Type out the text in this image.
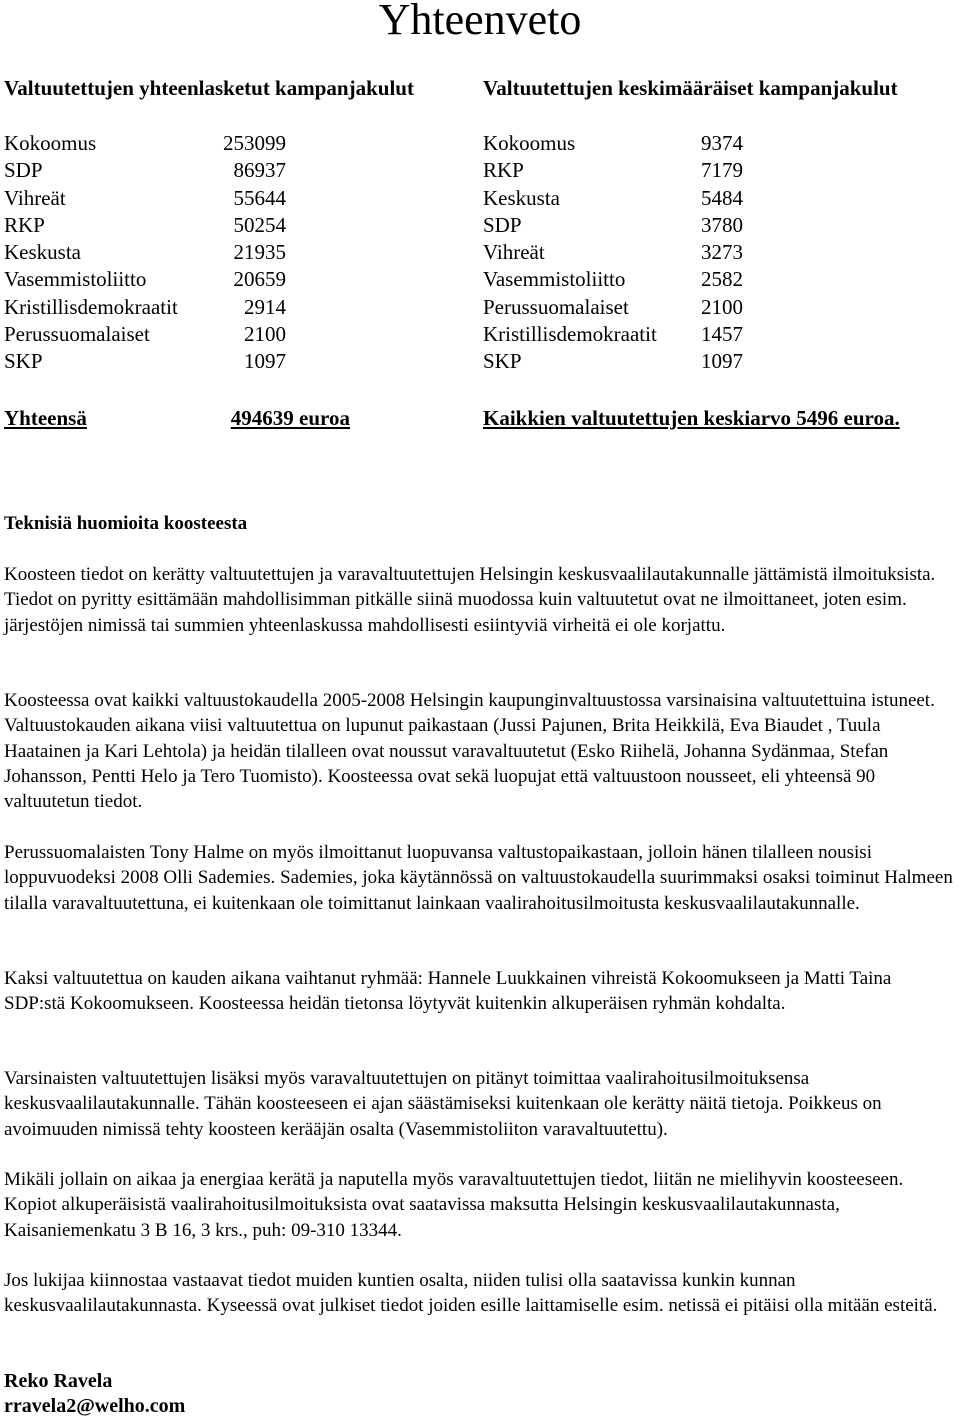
Yhteenveto
Valtuutettujen yhteenlasketut kampanjakulut	Valtuutettujen keskimääräiset kampanjakulut
Kokoomus	253099
SDP	86937
Vihreät	55644
RKP	50254
Keskusta	21935
Vasemmistoliitto	20659
Kristillisdemokraatit	2914
Perussuomalaiset	2100
SKP	1097
Kokoomus	9374
RKP	7179
Keskusta	5484
SDP	3780
Vihreät	3273
Vasemmistoliitto	2582
Perussuomalaiset	2100
Kristillisdemokraatit 1457
SKP	1097
Yhteensä	494639 euroa	Kaikkien valtuutettujen keskiarvo 5496 euroa.
Teknisiä huomioita koosteesta

Koosteen tiedot on kerätty valtuutettujen ja varavaltuutettujen Helsingin keskusvaalilautakunnalle jättämistä ilmoituksista. Tiedot on pyritty esittämään mahdollisimman pitkälle siinä muodossa kuin valtuutetut ovat ne ilmoittaneet, joten esim. järjestöjen nimissä tai summien yhteenlaskussa mahdollisesti esiintyviä virheitä ei ole korjattu.

Koosteessa ovat kaikki valtuustokaudella 2005-2008 Helsingin kaupunginvaltuustossa varsinaisina valtuutettuina istuneet. Valtuustokauden aikana viisi valtuutettua on lupunut paikastaan (Jussi Pajunen, Brita Heikkilä, Eva Biaudet , Tuula Haatainen ja Kari Lehtola) ja heidän tilalleen ovat noussut varavaltuutetut (Esko Riihelä, Johanna Sydänmaa, Stefan Johansson, Pentti Helo ja Tero Tuomisto). Koosteessa ovat sekä luopujat että valtuustoon nousseet, eli yhteensä 90 valtuutetun tiedot.

Perussuomalaisten Tony Halme on myös ilmoittanut luopuvansa valtustopaikastaan, jolloin hänen tilalleen nousisi loppuvuodeksi 2008 Olli Sademies. Sademies, joka käytännössä on valtuustokaudella suurimmaksi osaksi toiminut Halmeen tilalla varavaltuutettuna, ei kuitenkaan ole toimittanut lainkaan vaalirahoitusilmoitusta keskusvaalilautakunnalle.

Kaksi valtuutettua on kauden aikana vaihtanut ryhmää: Hannele Luukkainen vihreistä Kokoomukseen ja Matti Taina SDP:stä Kokoomukseen. Koosteessa heidän tietonsa löytyvät kuitenkin alkuperäisen ryhmän kohdalta.

Varsinaisten valtuutettujen lisäksi myös varavaltuutettujen on pitänyt toimittaa vaalirahoitusilmoituksensa keskusvaalilautakunnalle. Tähän koosteeseen ei ajan säästämiseksi kuitenkaan ole kerätty näitä tietoja. Poikkeus on avoimuuden nimissä tehty koosteen kerääjän osalta (Vasemmistoliiton varavaltuutettu).

Mikäli jollain on aikaa ja energiaa kerätä ja naputella myös varavaltuutettujen tiedot, liitän ne mielihyvin koosteeseen. Kopiot alkuperäisistä vaalirahoitusilmoituksista ovat saatavissa maksutta Helsingin keskusvaalilautakunnasta, Kaisaniemenkatu 3 B 16, 3 krs., puh: 09-310 13344.

Jos lukijaa kiinnostaa vastaavat tiedot muiden kuntien osalta, niiden tulisi olla saatavissa kunkin kunnan keskusvaalilautakunnasta. Kyseessä ovat julkiset tiedot joiden esille laittamiselle esim. netissä ei pitäisi olla mitään esteitä.

Reko Ravela
rravela2@welho.com
